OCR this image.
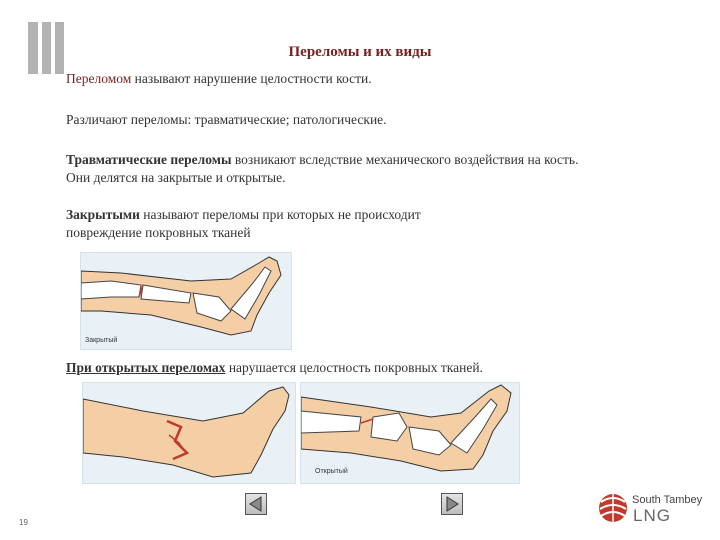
Переломы и их виды
Переломом называют нарушение целостности кости.
Различают переломы: травматические; патологические.
Травматические переломы возникают вследствие механического воздействия на кость.
Они делятся на закрытые и открытые.
Закрытыми называют переломы при которых не происходит
повреждение покровных тканей
Закрытый
При открытых переломах нарушается целостность покровных тканей.
Открытый
19
South Tambey
LNG
